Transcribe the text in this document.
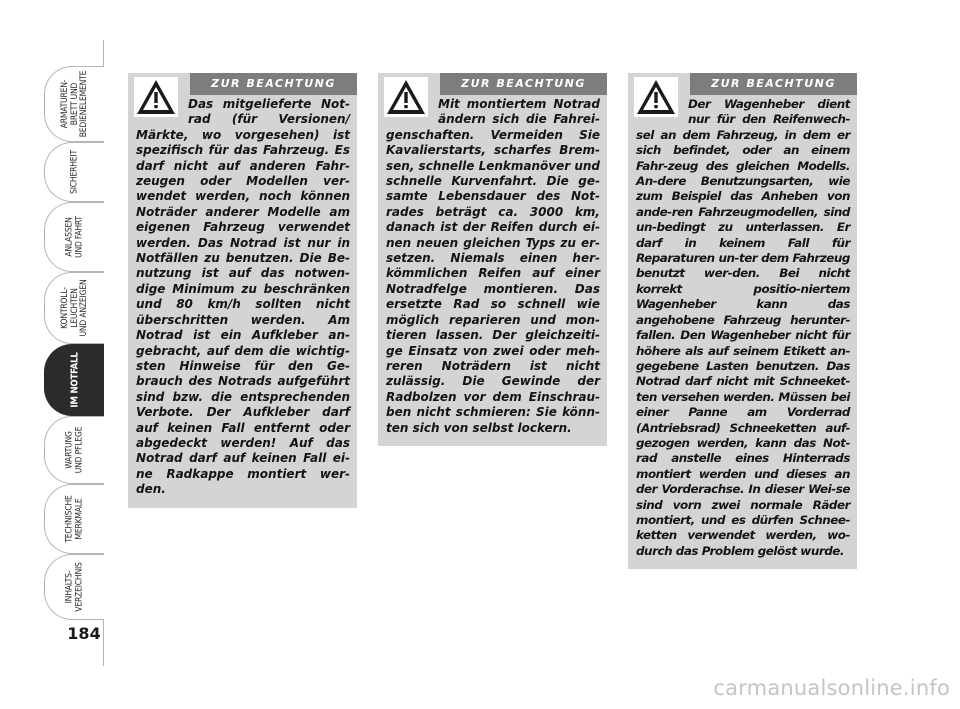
ARMATUREN-
BRETT UND
BEDIENELEMENTE
SICHERHEIT
ANLASSEN
UND FAHRT
KONTROLL-
LEUCHTEN
UND ANZEIGEN
IM NOTFALL
WARTUNG
UND PFLEGE
TECHNISCHE
MERKMALE
INHALTS-
VERZEICHNIS
184
ZUR BEACHTUNG

Das mitgelieferte Not-rad (für Versionen/ Märkte, wo vorgesehen) ist spezifisch für das Fahrzeug. Es darf nicht auf anderen Fahr-zeugen oder Modellen ver-wendet werden, noch können Noträder anderer Modelle am eigenen Fahrzeug verwendet werden. Das Notrad ist nur in Notfällen zu benutzen. Die Be-nutzung ist auf das notwen-dige Minimum zu beschränken und 80 km/h sollten nicht überschritten werden. Am Notrad ist ein Aufkleber an-gebracht, auf dem die wichtig-sten Hinweise für den Ge-brauch des Notrads aufgeführt sind bzw. die entsprechenden Verbote. Der Aufkleber darf auf keinen Fall entfernt oder abgedeckt werden! Auf das Notrad darf auf keinen Fall ei-ne Radkappe montiert wer-den.

ZUR BEACHTUNG

Mit montiertem Notrad ändern sich die Fahrei-genschaften. Vermeiden Sie Kavalierstarts, scharfes Brem-sen, schnelle Lenkmanöver und schnelle Kurvenfahrt. Die ge-samte Lebensdauer des Not-rades beträgt ca. 3000 km, danach ist der Reifen durch ei-nen neuen gleichen Typs zu er-setzen. Niemals einen her-kömmlichen Reifen auf einer Notradfelge montieren. Das ersetzte Rad so schnell wie möglich reparieren und mon-tieren lassen. Der gleichzeiti-ge Einsatz von zwei oder meh-reren Noträdern ist nicht zulässig. Die Gewinde der Radbolzen vor dem Einschrau-ben nicht schmieren: Sie könn-ten sich von selbst lockern.

ZUR BEACHTUNG

Der Wagenheber dient nur für den Reifenwech-sel an dem Fahrzeug, in dem er sich befindet, oder an einem Fahr-zeug des gleichen Modells. An-dere Benutzungsarten, wie zum Beispiel das Anheben von ande-ren Fahrzeugmodellen, sind un-bedingt zu unterlassen. Er darf in keinem Fall für Reparaturen un-ter dem Fahrzeug benutzt wer-den. Bei nicht korrekt positio-niertem Wagenheber kann das angehobene Fahrzeug herunter-fallen. Den Wagenheber nicht für höhere als auf seinem Etikett an-gegebene Lasten benutzen. Das Notrad darf nicht mit Schneeket-ten versehen werden. Müssen bei einer Panne am Vorderrad (Antriebsrad) Schneeketten auf-gezogen werden, kann das Not-rad anstelle eines Hinterrads montiert werden und dieses an der Vorderachse. In dieser Wei-se sind vorn zwei normale Räder montiert, und es dürfen Schnee-ketten verwendet werden, wo-durch das Problem gelöst wurde.

carmanualsonline.info
